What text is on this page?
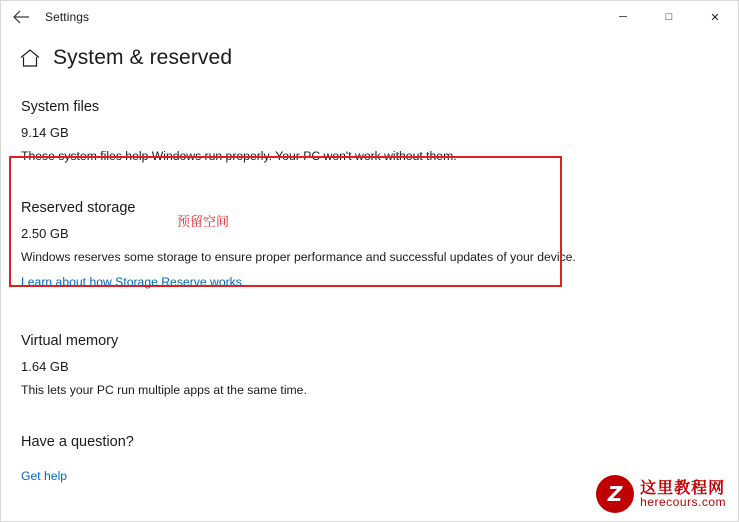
Settings	─	□	✕
System & reserved
System files
9.14 GB

These system files help Windows run properly. Your PC won't work without them.

Reserved storage
2.50 GB

Windows reserves some storage to ensure proper performance and successful updates of your device.

Learn about how Storage Reserve works
Virtual memory
1.64 GB

This lets your PC run multiple apps at the same time.

Have a question?
Get help
预留空间
Z	这里教程网
herecours.com
